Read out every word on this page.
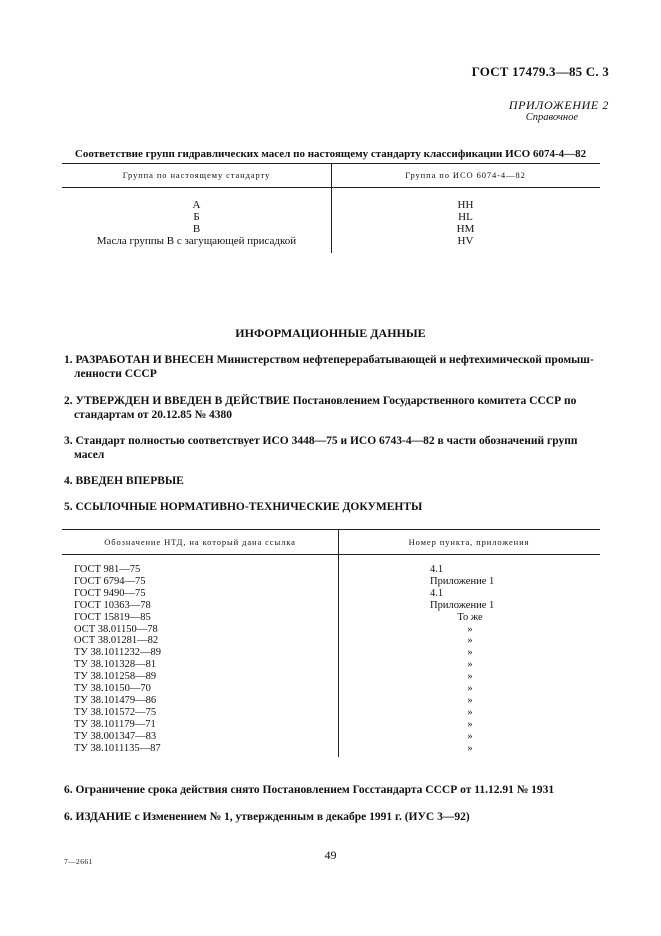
ГОСТ 17479.3—85 С. 3
ПРИЛОЖЕНИЕ 2
Справочное
Соответствие групп гидравлических масел по настоящему стандарту классификации ИСО 6074-4—82
Группа по настоящему стандарту	Группа по ИСО 6074-4—82
А	HH
Б	HL
В	HM
Масла группы В с загущающей присадкой	HV
ИНФОРМАЦИОННЫЕ ДАННЫЕ
1. РАЗРАБОТАН И ВНЕСЕН Министерством нефтеперерабатывающей и нефтехимической промыш-
ленности СССР
2. УТВЕРЖДЕН И ВВЕДЕН В ДЕЙСТВИЕ Постановлением Государственного комитета СССР по
стандартам от 20.12.85 № 4380
3. Стандарт полностью соответствует ИСО 3448—75 и ИСО 6743-4—82 в части обозначений групп
масел
4. ВВЕДЕН ВПЕРВЫЕ
5. ССЫЛОЧНЫЕ НОРМАТИВНО-ТЕХНИЧЕСКИЕ ДОКУМЕНТЫ
Обозначение НТД, на который дана ссылка	Номер пункта, приложения
ГОСТ 981—75	4.1
ГОСТ 6794—75	Приложение 1
ГОСТ 9490—75	4.1
ГОСТ 10363—78	Приложение 1
ГОСТ 15819—85	То же
ОСТ 38.01150—78	»
ОСТ 38.01281—82	»
ТУ 38.1011232—89	»
ТУ 38.101328—81	»
ТУ 38.101258—89	»
ТУ 38.10150—70	»
ТУ 38.101479—86	»
ТУ 38.101572—75	»
ТУ 38.101179—71	»
ТУ 38.001347—83	»
ТУ 38.1011135—87	»
6. Ограничение срока действия снято Постановлением Госстандарта СССР от 11.12.91 № 1931
6. ИЗДАНИЕ с Изменением № 1, утвержденным в декабре 1991 г. (ИУС 3—92)
7—2661	49
